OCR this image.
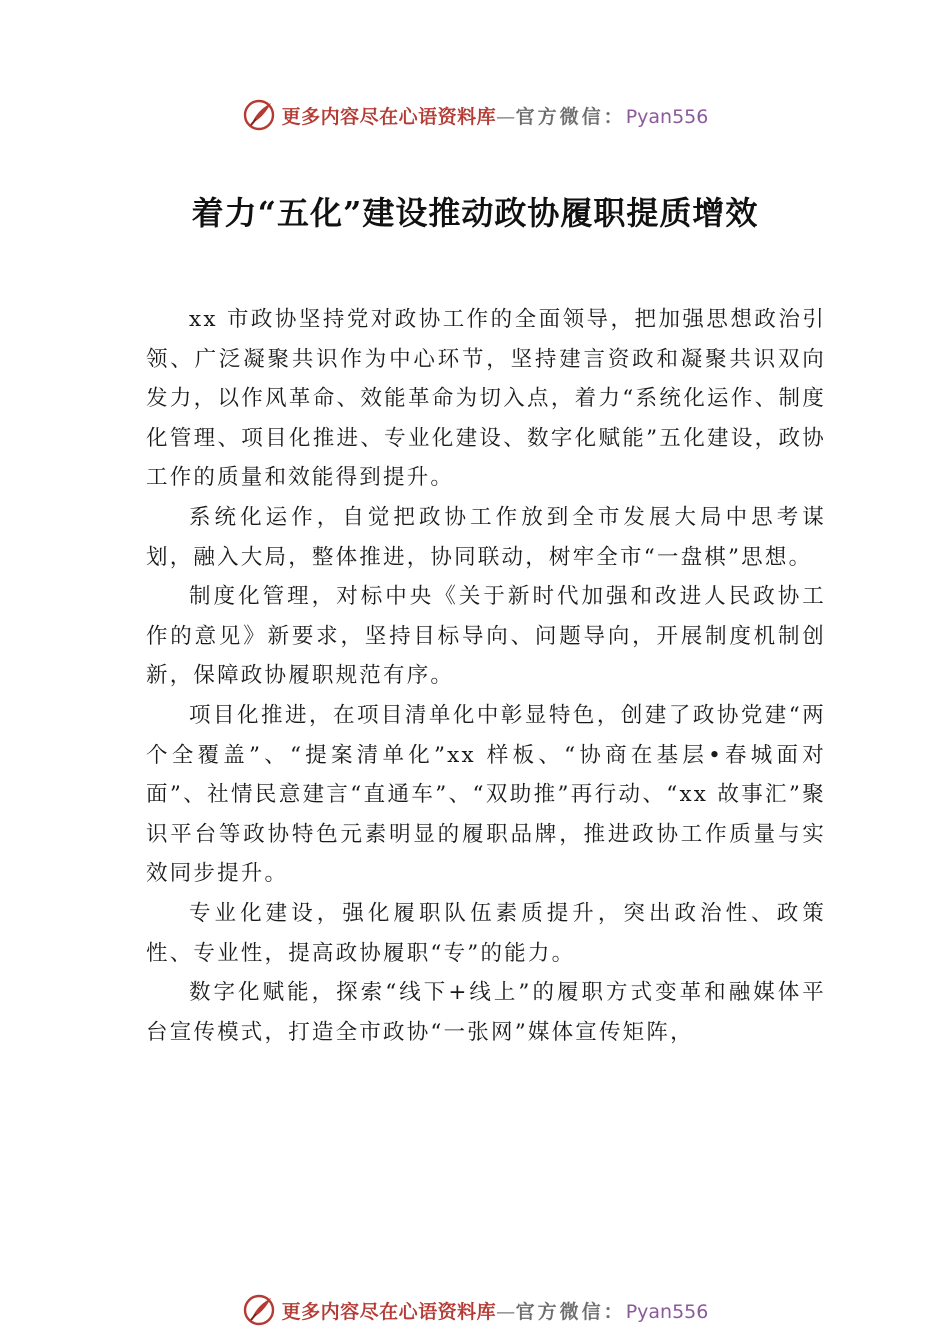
更多内容尽在心语资料库—官方微信：Pyan556
着力“五化”建设推动政协履职提质增效

xx 市政协坚持党对政协工作的全面领导，把加强思想政治引领、广泛凝聚共识作为中心环节，坚持建言资政和凝聚共识双向发力，以作风革命、效能革命为切入点，着力“系统化运作、制度化管理、项目化推进、专业化建设、数字化赋能”五化建设，政协工作的质量和效能得到提升。

系统化运作，自觉把政协工作放到全市发展大局中思考谋划，融入大局，整体推进，协同联动，树牢全市“一盘棋”思想。

制度化管理，对标中央《关于新时代加强和改进人民政协工作的意见》新要求，坚持目标导向、问题导向，开展制度机制创新，保障政协履职规范有序。

项目化推进，在项目清单化中彰显特色，创建了政协党建“两个全覆盖”、“提案清单化”xx 样板、“协商在基层•春城面对面”、社情民意建言“直通车”、“双助推”再行动、“xx 故事汇”聚识平台等政协特色元素明显的履职品牌，推进政协工作质量与实效同步提升。

专业化建设，强化履职队伍素质提升，突出政治性、政策性、专业性，提高政协履职“专”的能力。

数字化赋能，探索“线下+线上”的履职方式变革和融媒体平台宣传模式，打造全市政协“一张网”媒体宣传矩阵，

更多内容尽在心语资料库—官方微信：Pyan556
